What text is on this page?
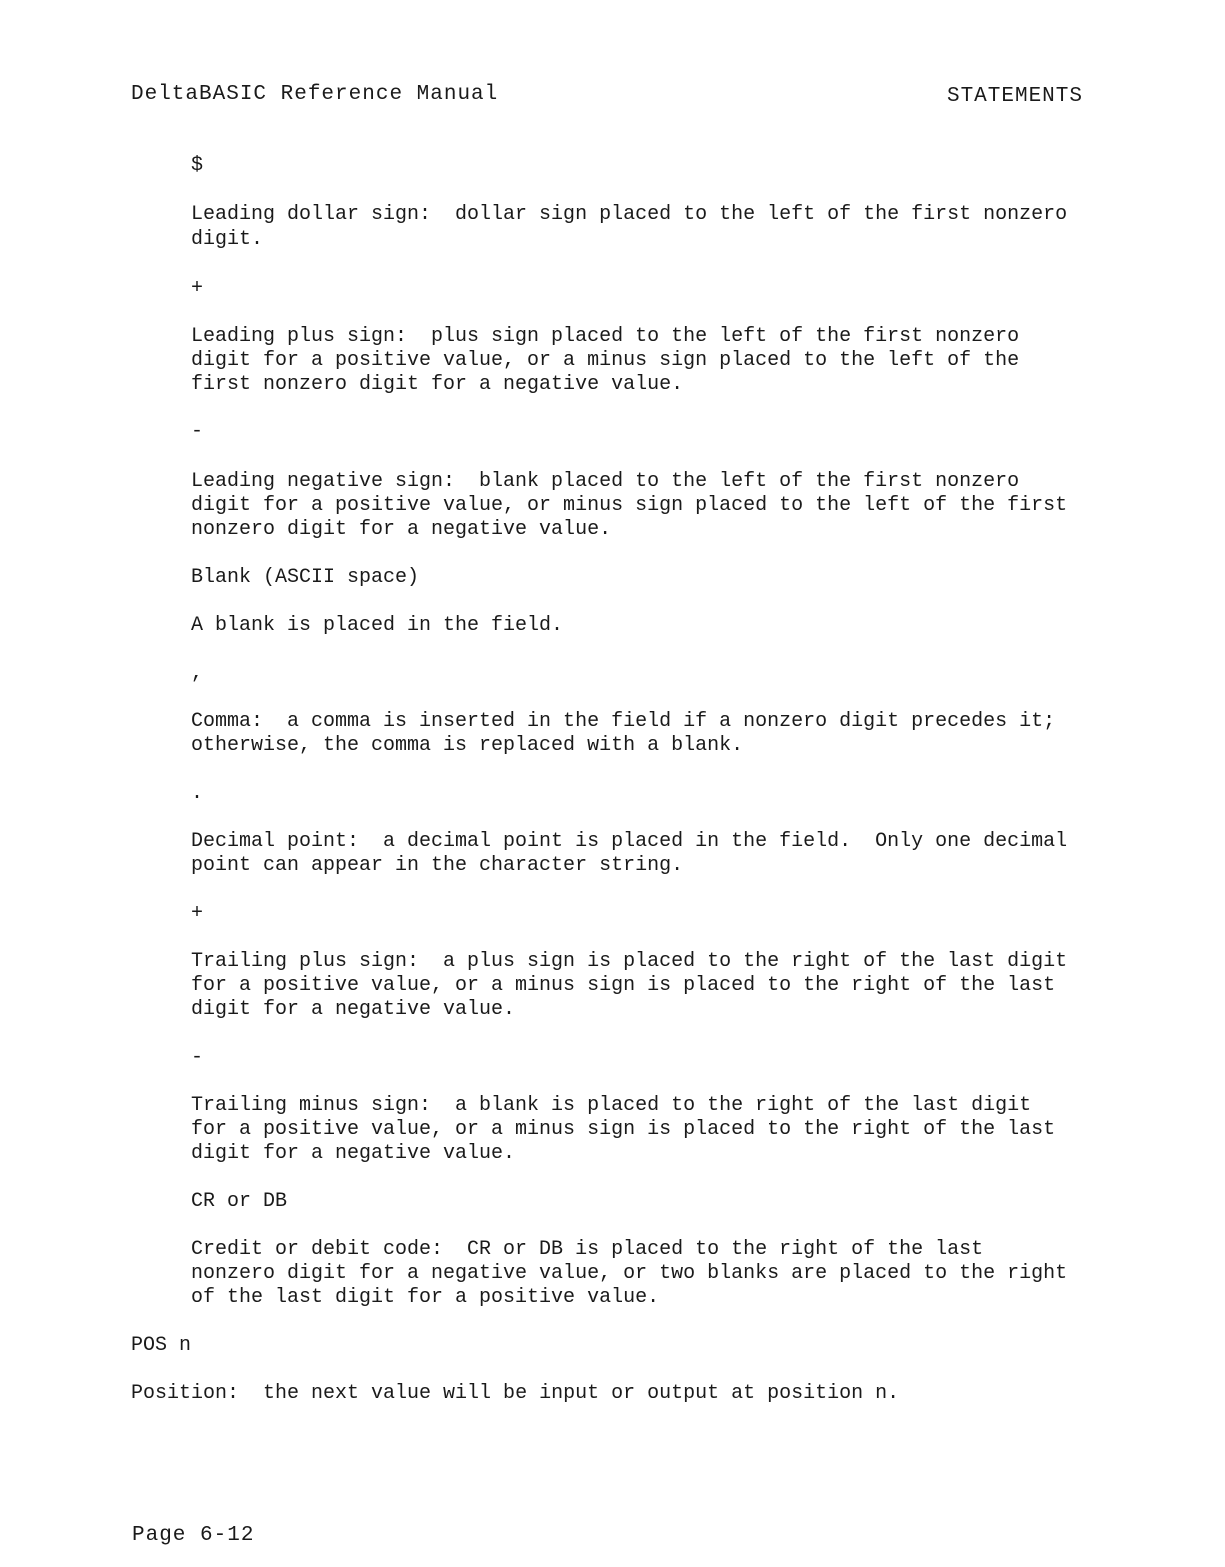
DeltaBASIC Reference Manual	STATEMENTS
$
Leading dollar sign:  dollar sign placed to the left of the first nonzero
digit.
+
Leading plus sign:  plus sign placed to the left of the first nonzero
digit for a positive value, or a minus sign placed to the left of the
first nonzero digit for a negative value.
-
Leading negative sign:  blank placed to the left of the first nonzero
digit for a positive value, or minus sign placed to the left of the first
nonzero digit for a negative value.
Blank (ASCII space)
A blank is placed in the field.
,
Comma:  a comma is inserted in the field if a nonzero digit precedes it;
otherwise, the comma is replaced with a blank.
.
Decimal point:  a decimal point is placed in the field.  Only one decimal
point can appear in the character string.
+
Trailing plus sign:  a plus sign is placed to the right of the last digit
for a positive value, or a minus sign is placed to the right of the last
digit for a negative value.
-
Trailing minus sign:  a blank is placed to the right of the last digit
for a positive value, or a minus sign is placed to the right of the last
digit for a negative value.
CR or DB
Credit or debit code:  CR or DB is placed to the right of the last
nonzero digit for a negative value, or two blanks are placed to the right
of the last digit for a positive value.
POS n
Position:  the next value will be input or output at position n.
Page 6-12
